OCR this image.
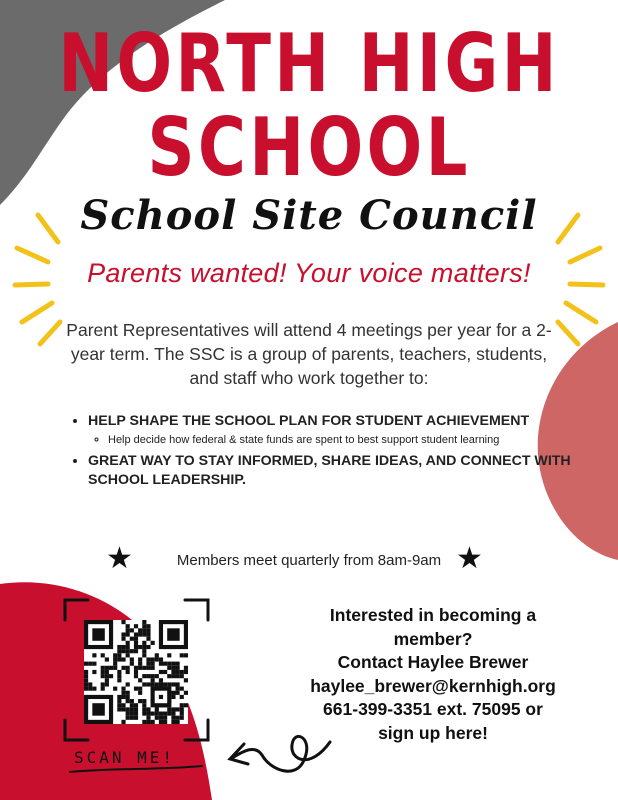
NORTH HIGH
SCHOOL
School Site Council
Parents wanted! Your voice matters!
Parent Representatives will attend 4 meetings per year for a 2-year term. The SSC is a group of parents, teachers, students, and staff who work together to:
• HELP SHAPE THE SCHOOL PLAN FOR STUDENT ACHIEVEMENT
◦ Help decide how federal & state funds are spent to best support student learning
• GREAT WAY TO STAY INFORMED, SHARE IDEAS, AND CONNECT WITH SCHOOL LEADERSHIP.
★	Members meet quarterly from 8am-9am ★
Interested in becoming a
member?
Contact Haylee Brewer
haylee_brewer@kernhigh.org
661-399-3351 ext. 75095 or
sign up here!
SCAN ME!
